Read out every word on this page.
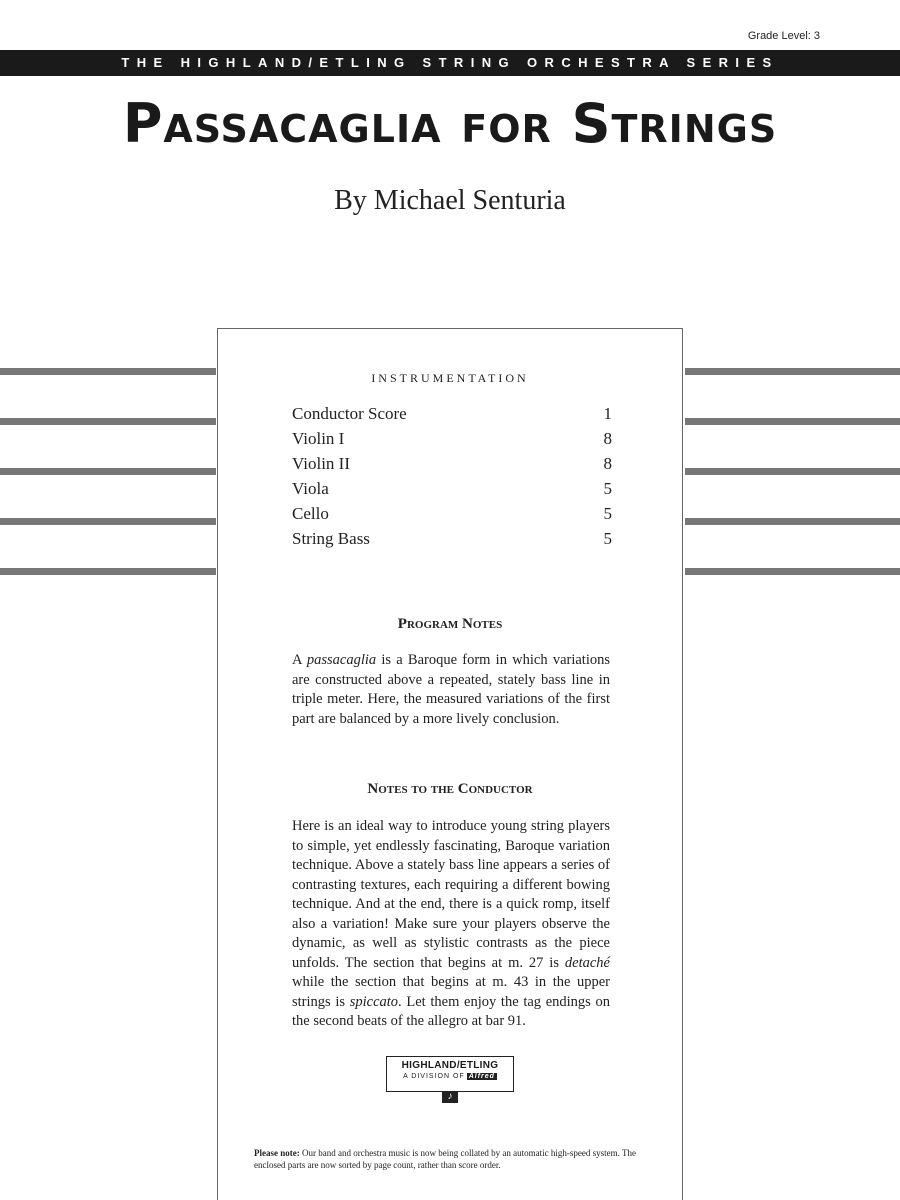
Grade Level: 3
THE HIGHLAND/ETLING STRING ORCHESTRA SERIES
Passacaglia for Strings
By Michael Senturia
INSTRUMENTATION
Conductor Score	1
Violin I	8
Violin II	8
Viola	5
Cello	5
String Bass	5
Program Notes

A passacaglia is a Baroque form in which variations are constructed above a repeated, stately bass line in triple meter. Here, the measured variations of the first part are balanced by a more lively conclusion.

Notes to the Conductor

Here is an ideal way to introduce young string players to simple, yet endlessly fascinating, Baroque variation technique. Above a stately bass line appears a series of contrasting textures, each requiring a different bowing technique. And at the end, there is a quick romp, itself also a variation! Make sure your players observe the dynamic, as well as stylistic contrasts as the piece unfolds. The section that begins at m. 27 is detaché while the section that begins at m. 43 in the upper strings is spiccato. Let them enjoy the tag endings on the second beats of the allegro at bar 91.

HIGHLAND/ETLING
A DIVISION OF Alfred
♪

Please note: Our band and orchestra music is now being collated by an automatic high-speed system. The enclosed parts are now sorted by page count, rather than score order.
